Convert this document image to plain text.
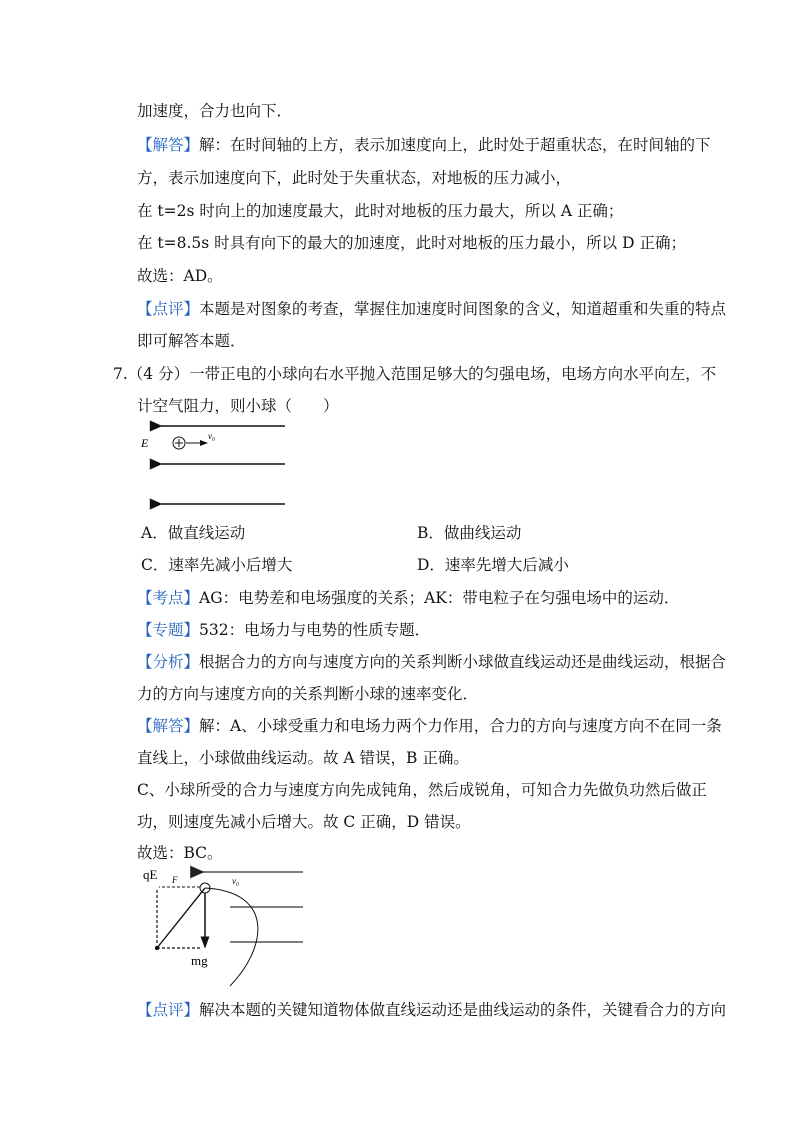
加速度，合力也向下．
【解答】解：在时间轴的上方，表示加速度向上，此时处于超重状态，在时间轴的下
方，表示加速度向下，此时处于失重状态，对地板的压力减小，
在 t=2s 时向上的加速度最大，此时对地板的压力最大，所以 A 正确；
在 t=8.5s 时具有向下的最大的加速度，此时对地板的压力最小，所以 D 正确；
故选：AD。
【点评】本题是对图象的考查，掌握住加速度时间图象的含义，知道超重和失重的特点
即可解答本题．
7.（4 分）一带正电的小球向右水平抛入范围足够大的匀强电场，电场方向水平向左，不
计空气阻力，则小球（　　）
E	v₀
A．做直线运动	B．做曲线运动
C．速率先减小后增大	D．速率先增大后减小
【考点】AG：电势差和电场强度的关系；AK：带电粒子在匀强电场中的运动．
【专题】532：电场力与电势的性质专题．
【分析】根据合力的方向与速度方向的关系判断小球做直线运动还是曲线运动，根据合
力的方向与速度方向的关系判断小球的速率变化．
【解答】解：A、小球受重力和电场力两个力作用，合力的方向与速度方向不在同一条
直线上，小球做曲线运动。故 A 错误，B 正确。
C、小球所受的合力与速度方向先成钝角，然后成锐角，可知合力先做负功然后做正
功，则速度先减小后增大。故 C 正确，D 错误。
故选：BC。
qE F	v₀
mg
【点评】解决本题的关键知道物体做直线运动还是曲线运动的条件，关键看合力的方向
